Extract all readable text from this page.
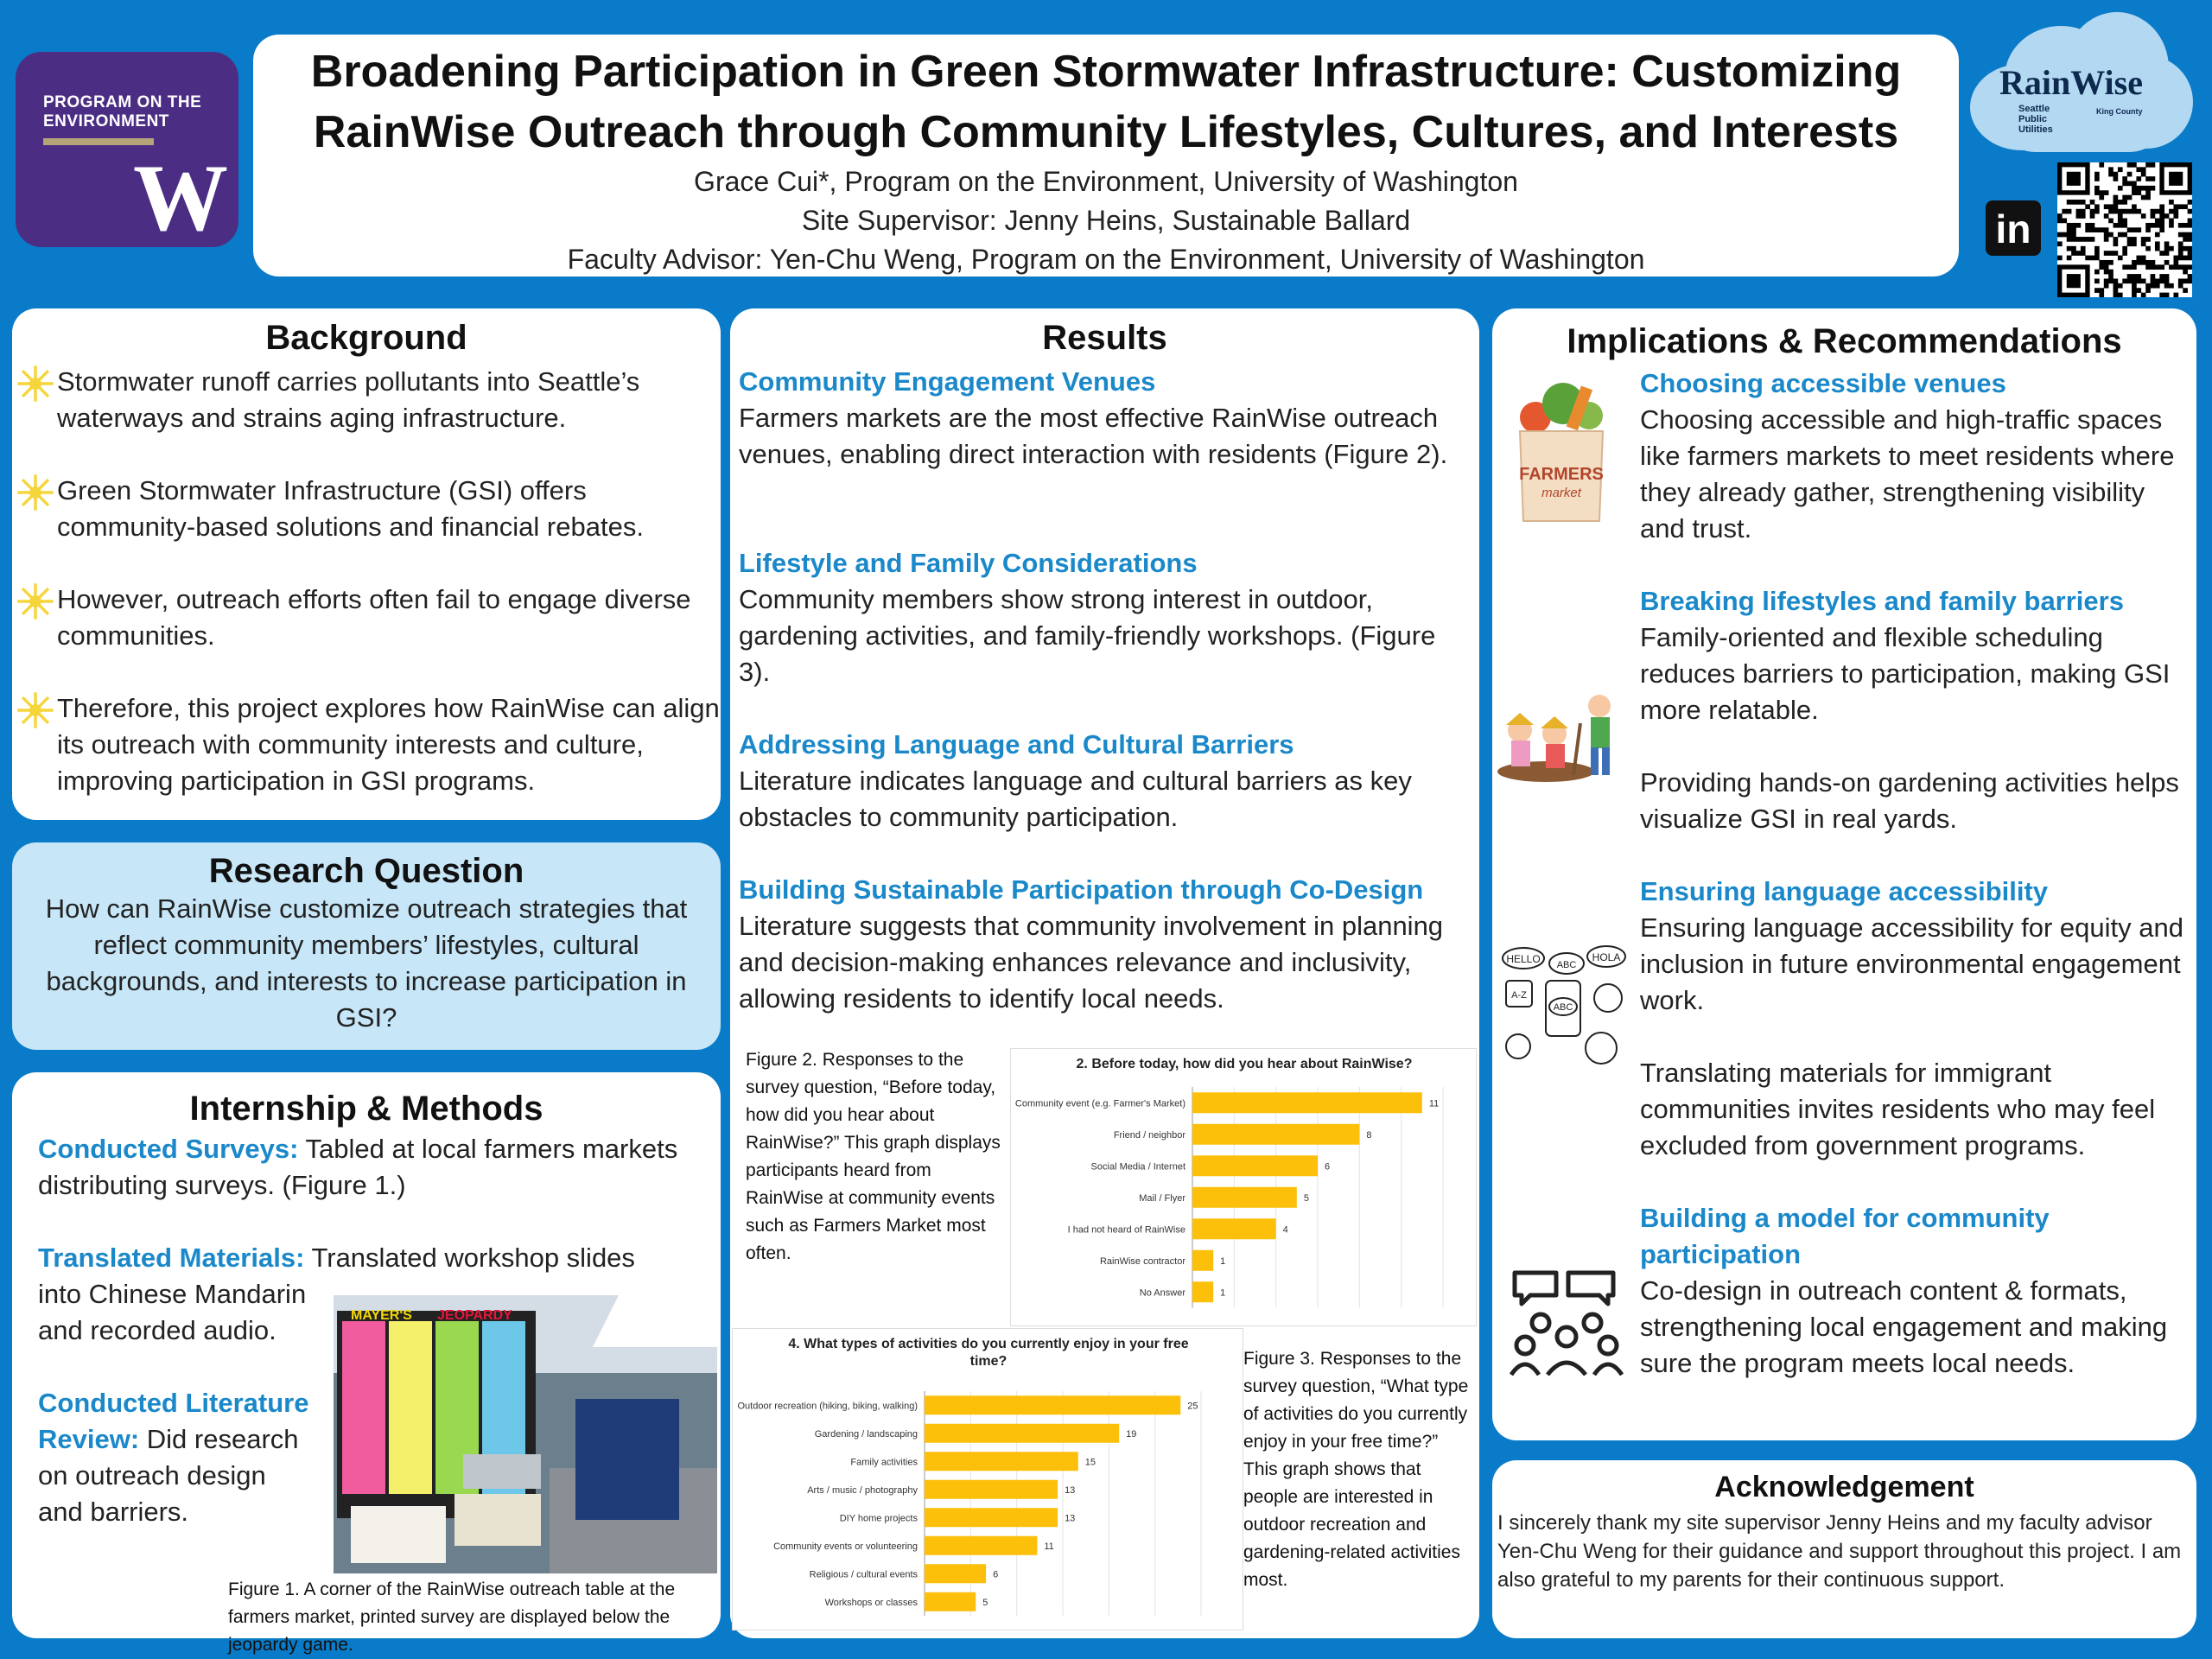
PROGRAM ON THE ENVIRONMENT
W
Broadening Participation in Green Stormwater Infrastructure: Customizing
RainWise Outreach through Community Lifestyles, Cultures, and Interests
Grace Cui*, Program on the Environment, University of Washington
Site Supervisor: Jenny Heins, Sustainable Ballard
Faculty Advisor: Yen-Chu Weng, Program on the Environment, University of Washington
RainWise
Seattle
Public
Utilities
King County
in
Background
Stormwater runoff carries pollutants into Seattle’s waterways and strains aging infrastructure.
Green Stormwater Infrastructure (GSI) offers community-based solutions and financial rebates.
However, outreach efforts often fail to engage diverse communities.
Therefore, this project explores how RainWise can align its outreach with community interests and culture, improving participation in GSI programs.
Research Question
How can RainWise customize outreach strategies that reflect community members’ lifestyles, cultural backgrounds, and interests to increase participation in GSI?
Internship & Methods
Conducted Surveys: Tabled at local farmers markets distributing surveys. (Figure 1.)
Translated Materials: Translated workshop slides
into Chinese Mandarin
and recorded audio.
Conducted Literature
Review: Did research
on outreach design
and barriers.
MAYER'S JEOPARDY
Figure 1. A corner of the RainWise outreach table at the farmers market, printed survey are displayed below the jeopardy game.
Results
Community Engagement Venues
Farmers markets are the most effective RainWise outreach venues, enabling direct interaction with residents (Figure 2).
Lifestyle and Family Considerations
Community members show strong interest in outdoor, gardening activities, and family-friendly workshops. (Figure 3).
Addressing Language and Cultural Barriers
Literature indicates language and cultural barriers as key obstacles to community participation.
Building Sustainable Participation through Co-Design
Literature suggests that community involvement in planning and decision-making enhances relevance and inclusivity, allowing residents to identify local needs.
Figure 2. Responses to the survey question, “Before today, how did you hear about RainWise?” This graph displays participants heard from RainWise at community events such as Farmers Market most often.
2. Before today, how did you hear about RainWise?
Community event (e.g. Farmer's Market)	11
Friend / neighbor	8
Social Media / Internet	6
Mail / Flyer	5
I had not heard of RainWise	4
RainWise contractor	1
No Answer	1
4. What types of activities do you currently enjoy in your free
time?
Outdoor recreation (hiking, biking, walking)	25
Gardening / landscaping	19
Family activities	15
Arts / music / photography	13
DIY home projects	13
Community events or volunteering	11
Religious / cultural events	6
Workshops or classes	5
Figure 3. Responses to the survey question, “What type of activities do you currently enjoy in your free time?” This graph shows that people are interested in outdoor recreation and gardening-related activities most.
Implications & Recommendations
FARMERS
market
Choosing accessible venues
Choosing accessible and high-traffic spaces like farmers markets to meet residents where they already gather, strengthening visibility and trust.
Breaking lifestyles and family barriers
Family-oriented and flexible scheduling reduces barriers to participation, making GSI more relatable.
Providing hands-on gardening activities helps visualize GSI in real yards.
HELLO ABC
HOLA
A-Z
ABC
Ensuring language accessibility
Ensuring language accessibility for equity and inclusion in future environmental engagement work.
Translating materials for immigrant communities invites residents who may feel excluded from government programs.
Building a model for community participation
Co-design in outreach content & formats, strengthening local engagement and making sure the program meets local needs.
Acknowledgement
I sincerely thank my site supervisor Jenny Heins and my faculty advisor Yen-Chu Weng for their guidance and support throughout this project. I am also grateful to my parents for their continuous support.
